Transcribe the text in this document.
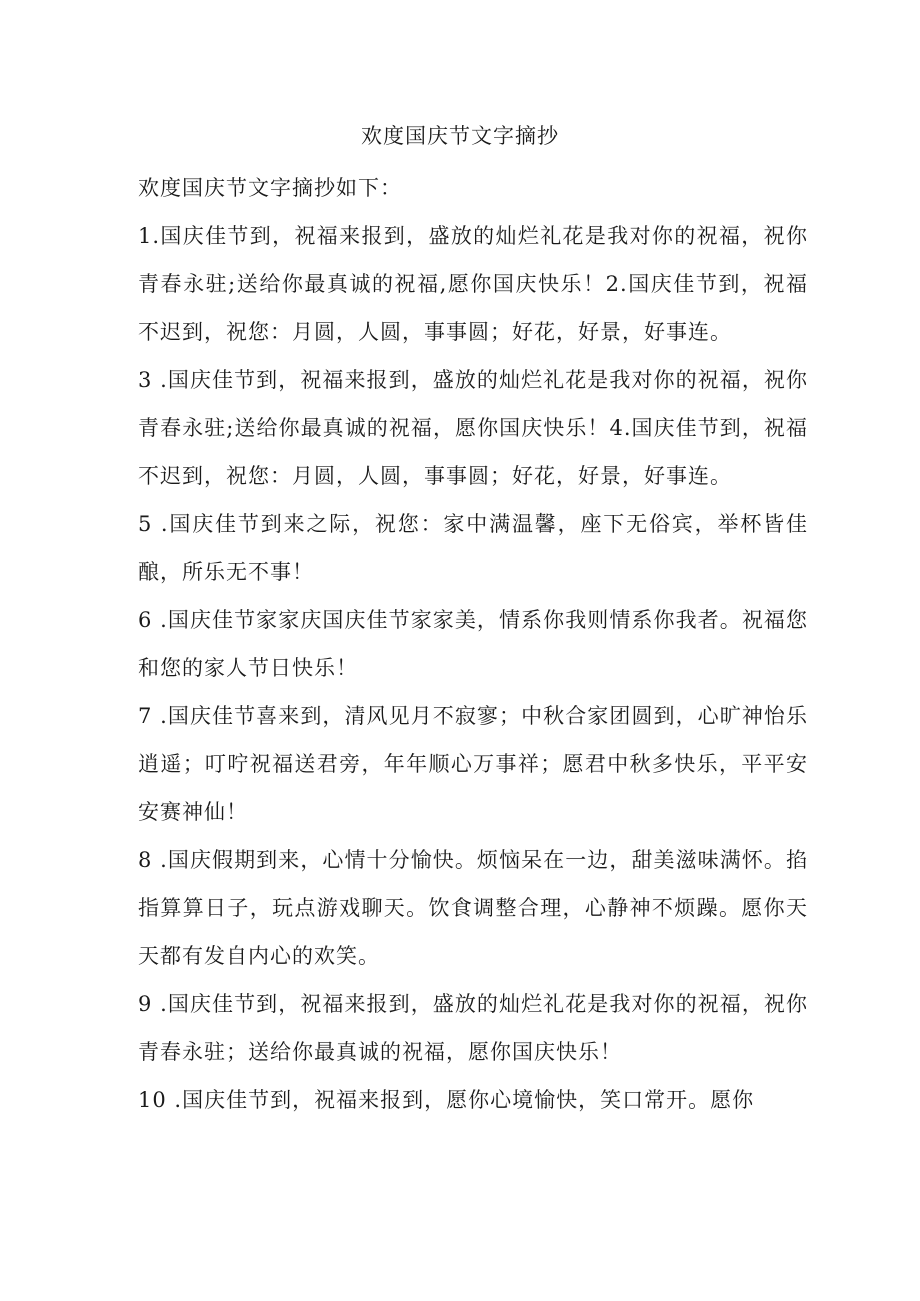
欢度国庆节文字摘抄

欢度国庆节文字摘抄如下：

1.国庆佳节到，祝福来报到，盛放的灿烂礼花是我对你的祝福，祝你青春永驻;送给你最真诚的祝福,愿你国庆快乐！2.国庆佳节到，祝福不迟到，祝您：月圆，人圆，事事圆；好花，好景，好事连。

3 .国庆佳节到，祝福来报到，盛放的灿烂礼花是我对你的祝福，祝你青春永驻;送给你最真诚的祝福，愿你国庆快乐！4.国庆佳节到，祝福不迟到，祝您：月圆，人圆，事事圆；好花，好景，好事连。

5 .国庆佳节到来之际，祝您：家中满温馨，座下无俗宾，举杯皆佳酿，所乐无不事！

6 .国庆佳节家家庆国庆佳节家家美，情系你我则情系你我者。祝福您和您的家人节日快乐！

7 .国庆佳节喜来到，清风见月不寂寥；中秋合家团圆到，心旷神怡乐逍遥；叮咛祝福送君旁，年年顺心万事祥；愿君中秋多快乐，平平安安赛神仙！

8 .国庆假期到来，心情十分愉快。烦恼呆在一边，甜美滋味满怀。掐指算算日子，玩点游戏聊天。饮食调整合理，心静神不烦躁。愿你天天都有发自内心的欢笑。

9 .国庆佳节到，祝福来报到，盛放的灿烂礼花是我对你的祝福，祝你青春永驻；送给你最真诚的祝福，愿你国庆快乐！

10 .国庆佳节到，祝福来报到，愿你心境愉快，笑口常开。愿你
